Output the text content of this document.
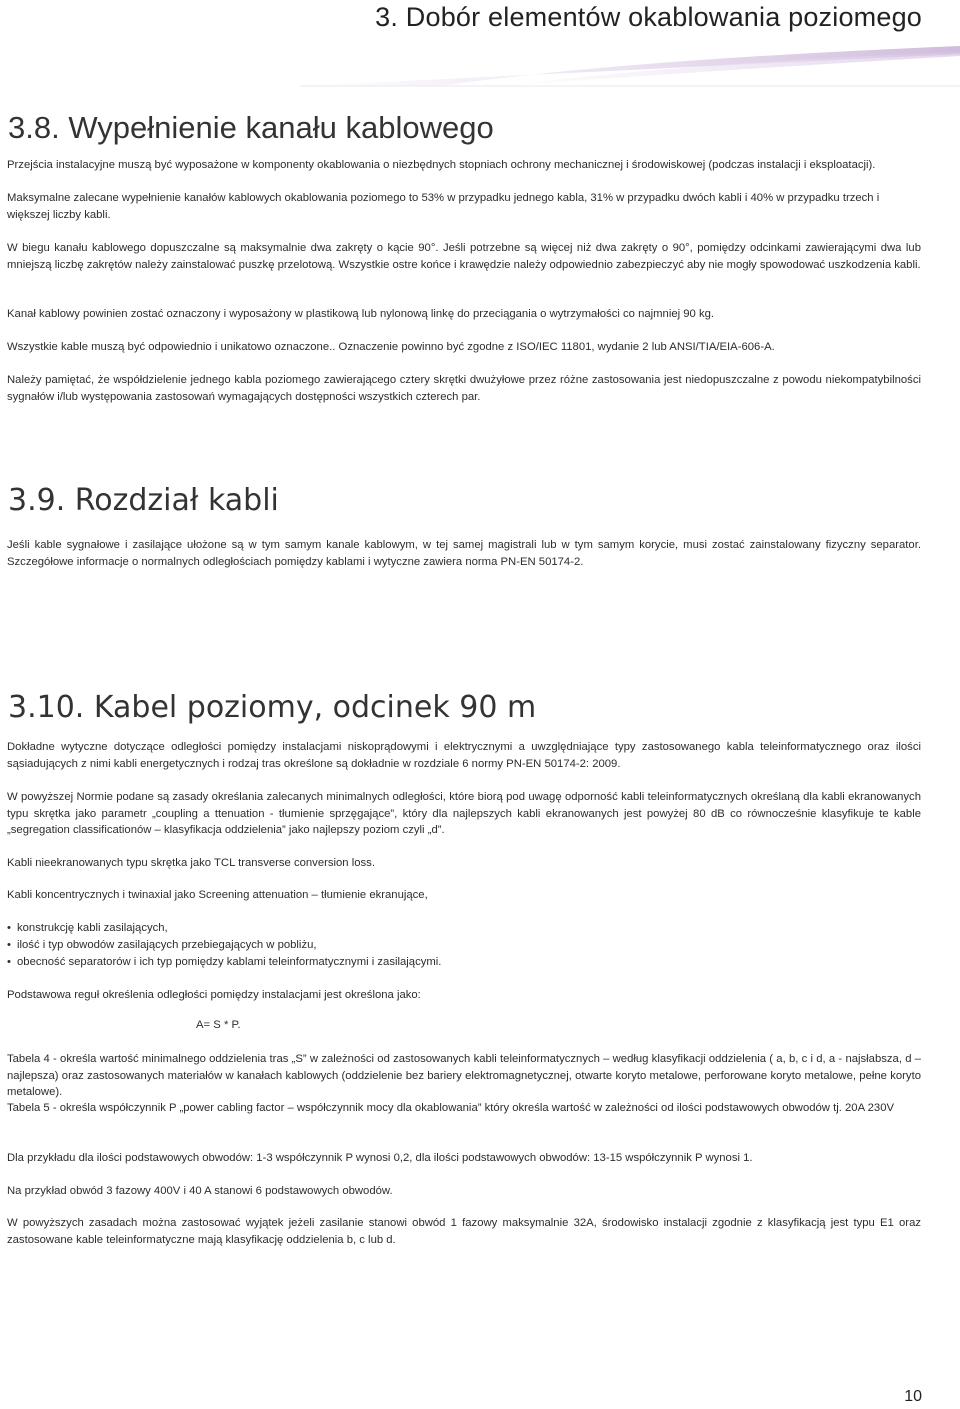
3. Dobór elementów okablowania poziomego
3.8. Wypełnienie kanału kablowego

Przejścia instalacyjne muszą być wyposażone w komponenty okablowania o niezbędnych stopniach ochrony mechanicznej i środowiskowej (podczas instalacji i eksploatacji).

Maksymalne zalecane wypełnienie kanałów kablowych okablowania poziomego to 53% w przypadku jednego kabla, 31% w przypadku dwóch kabli i 40% w przypadku trzech i większej liczby kabli.

W biegu kanału kablowego dopuszczalne są maksymalnie dwa zakręty o kącie 90°. Jeśli potrzebne są więcej niż dwa zakręty o 90°, pomiędzy odcinkami zawierającymi dwa lub mniejszą liczbę zakrętów należy zainstalować puszkę przelotową. Wszystkie ostre końce i krawędzie należy odpowiednio zabezpieczyć aby nie mogły spowodować uszkodzenia kabli.

Kanał kablowy powinien zostać oznaczony i wyposażony w plastikową lub nylonową linkę do przeciągania o wytrzymałości co najmniej 90 kg.

Wszystkie kable muszą być odpowiednio i unikatowo oznaczone.. Oznaczenie powinno być zgodne z ISO/IEC 11801, wydanie 2 lub ANSI/TIA/EIA-606-A.

Należy pamiętać, że współdzielenie jednego kabla poziomego zawierającego cztery skrętki dwużyłowe przez różne zastosowania jest niedopuszczalne z powodu niekompatybilności sygnałów i/lub występowania zastosowań wymagających dostępności wszystkich czterech par.

3.9. Rozdział kabli

Jeśli kable sygnałowe i zasilające ułożone są w tym samym kanale kablowym, w tej samej magistrali lub w tym samym korycie, musi zostać zainstalowany fizyczny separator. Szczegółowe informacje o normalnych odległościach pomiędzy kablami i wytyczne zawiera norma PN-EN 50174-2.

3.10. Kabel poziomy, odcinek 90 m

Dokładne wytyczne dotyczące odległości pomiędzy instalacjami niskoprądowymi i elektrycznymi a uwzględniające typy zastosowanego kabla teleinformatycznego oraz ilości sąsiadujących z nimi kabli energetycznych i rodzaj tras określone są dokładnie w rozdziale 6 normy PN-EN 50174-2: 2009.

W powyższej Normie podane są zasady określania zalecanych minimalnych odległości, które biorą pod uwagę odporność kabli teleinformatycznych określaną dla kabli ekranowanych typu skrętka jako parametr „coupling a ttenuation - tłumienie sprzęgające”, który dla najlepszych kabli ekranowanych jest powyżej 80 dB co równocześnie klasyfikuje te kable „segregation classificationów – klasyfikacja oddzielenia” jako najlepszy poziom czyli „d”.

Kabli nieekranowanych typu skrętka jako TCL transverse conversion loss.

Kabli koncentrycznych i twinaxial jako Screening attenuation – tłumienie ekranujące,

• konstrukcję kabli zasilających,
• ilość i typ obwodów zasilających przebiegających w pobliżu,
• obecność separatorów i ich typ pomiędzy kablami teleinformatycznymi i zasilającymi.

Podstawowa reguł określenia odległości pomiędzy instalacjami jest określona jako:

A= S * P.

Tabela 4 - określa wartość minimalnego oddzielenia tras „S” w zależności od zastosowanych kabli teleinformatycznych – według klasyfikacji oddzielenia ( a, b, c i d, a - najsłabsza, d – najlepsza) oraz zastosowanych materiałów w kanałach kablowych (oddzielenie bez bariery elektromagnetycznej, otwarte koryto metalowe, perforowane koryto metalowe, pełne koryto metalowe).

Tabela 5 - określa współczynnik P „power cabling factor – współczynnik mocy dla okablowania” który określa wartość w zależności od ilości podstawowych obwodów tj. 20A 230V

Dla przykładu dla ilości podstawowych obwodów: 1-3 współczynnik P wynosi 0,2, dla ilości podstawowych obwodów: 13-15 współczynnik P wynosi 1.

Na przykład obwód 3 fazowy 400V i 40 A stanowi 6 podstawowych obwodów.

W powyższych zasadach można zastosować wyjątek jeżeli zasilanie stanowi obwód 1 fazowy maksymalnie 32A, środowisko instalacji zgodnie z klasyfikacją jest typu E1 oraz zastosowane kable teleinformatyczne mają klasyfikację oddzielenia b, c lub d.

10
